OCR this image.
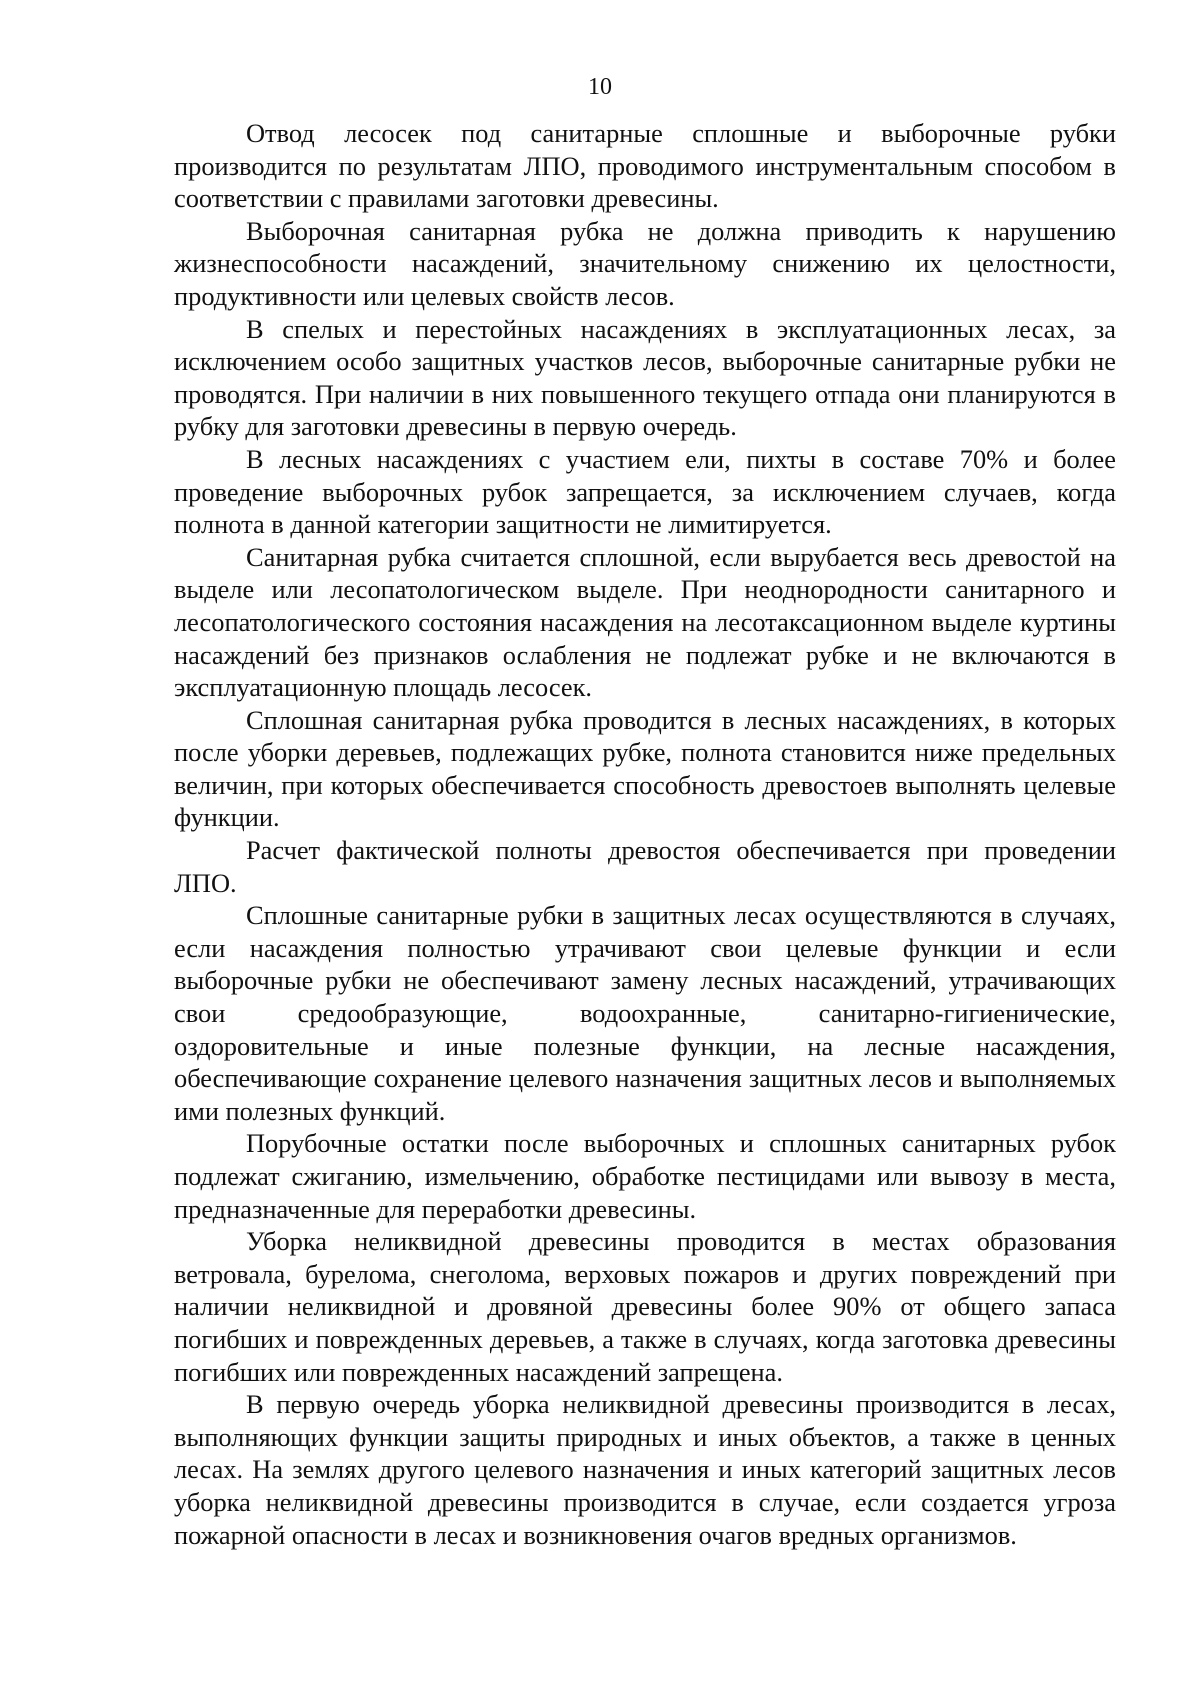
10

Отвод лесосек под санитарные сплошные и выборочные рубки производится по результатам ЛПО, проводимого инструментальным способом в соответствии с правилами заготовки древесины.

Выборочная санитарная рубка не должна приводить к нарушению жизнеспособности насаждений, значительному снижению их целостности, продуктивности или целевых свойств лесов.

В спелых и перестойных насаждениях в эксплуатационных лесах, за исключением особо защитных участков лесов, выборочные санитарные рубки не проводятся. При наличии в них повышенного текущего отпада они планируются в рубку для заготовки древесины в первую очередь.

В лесных насаждениях с участием ели, пихты в составе 70% и более проведение выборочных рубок запрещается, за исключением случаев, когда полнота в данной категории защитности не лимитируется.

Санитарная рубка считается сплошной, если вырубается весь древостой на выделе или лесопатологическом выделе. При неоднородности санитарного и лесопатологического состояния насаждения на лесотаксационном выделе куртины насаждений без признаков ослабления не подлежат рубке и не включаются в эксплуатационную площадь лесосек.

Сплошная санитарная рубка проводится в лесных насаждениях, в которых после уборки деревьев, подлежащих рубке, полнота становится ниже предельных величин, при которых обеспечивается способность древостоев выполнять целевые функции.

Расчет фактической полноты древостоя обеспечивается при проведении ЛПО.

Сплошные санитарные рубки в защитных лесах осуществляются в случаях, если насаждения полностью утрачивают свои целевые функции и если выборочные рубки не обеспечивают замену лесных насаждений, утрачивающих свои средообразующие, водоохранные, санитарно-гигиенические, оздоровительные и иные полезные функции, на лесные насаждения, обеспечивающие сохранение целевого назначения защитных лесов и выполняемых ими полезных функций.

Порубочные остатки после выборочных и сплошных санитарных рубок подлежат сжиганию, измельчению, обработке пестицидами или вывозу в места, предназначенные для переработки древесины.

Уборка неликвидной древесины проводится в местах образования ветровала, бурелома, снеголома, верховых пожаров и других повреждений при наличии неликвидной и дровяной древесины более 90% от общего запаса погибших и поврежденных деревьев, а также в случаях, когда заготовка древесины погибших или поврежденных насаждений запрещена.

В первую очередь уборка неликвидной древесины производится в лесах, выполняющих функции защиты природных и иных объектов, а также в ценных лесах. На землях другого целевого назначения и иных категорий защитных лесов уборка неликвидной древесины производится в случае, если создается угроза пожарной опасности в лесах и возникновения очагов вредных организмов.
